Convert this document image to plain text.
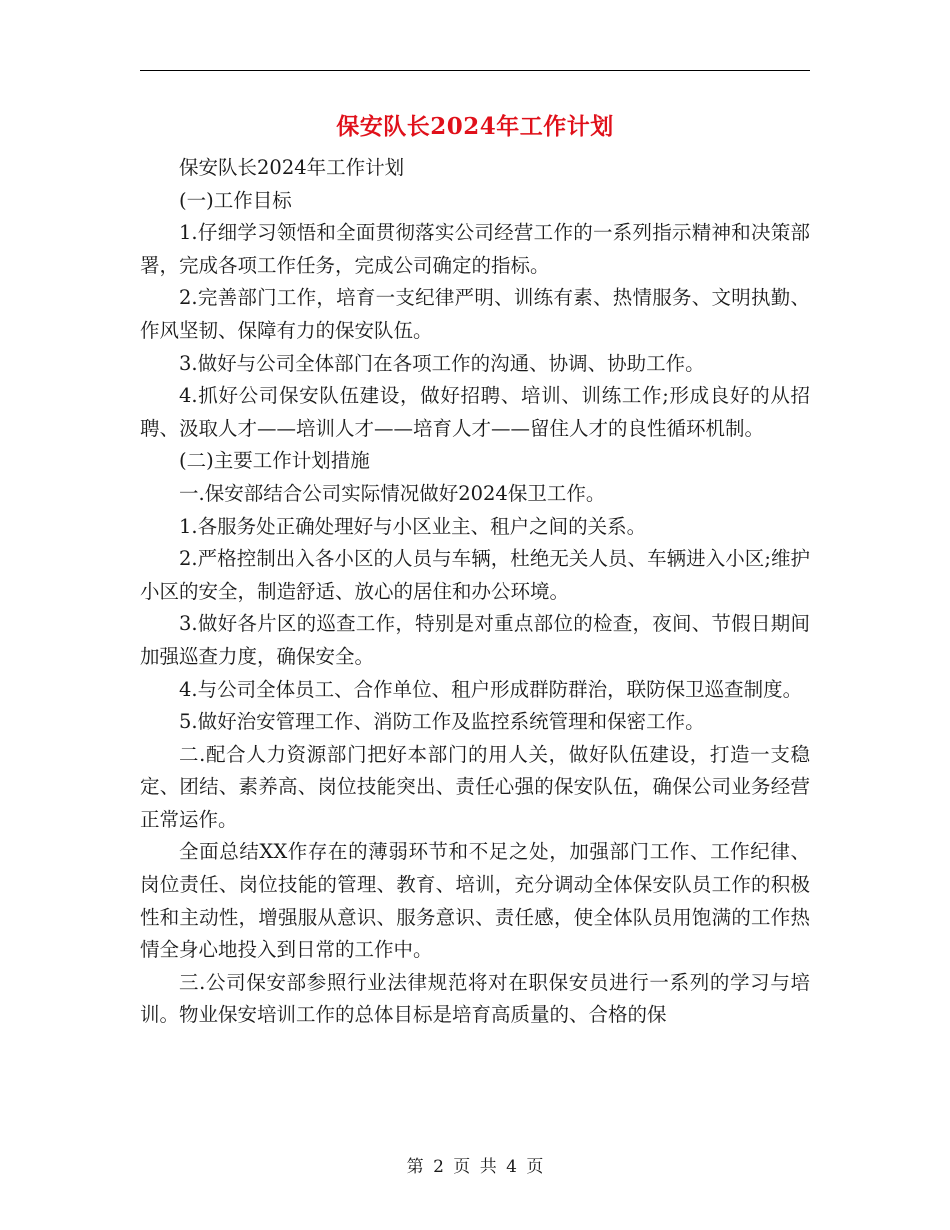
保安队长2024年工作计划

保安队长2024年工作计划

(一)工作目标

1.仔细学习领悟和全面贯彻落实公司经营工作的一系列指示精神和决策部署，完成各项工作任务，完成公司确定的指标。

2.完善部门工作，培育一支纪律严明、训练有素、热情服务、文明执勤、作风坚韧、保障有力的保安队伍。

3.做好与公司全体部门在各项工作的沟通、协调、协助工作。

4.抓好公司保安队伍建设，做好招聘、培训、训练工作;形成良好的从招聘、汲取人才——培训人才——培育人才——留住人才的良性循环机制。

(二)主要工作计划措施

一.保安部结合公司实际情况做好2024保卫工作。

1.各服务处正确处理好与小区业主、租户之间的关系。

2.严格控制出入各小区的人员与车辆，杜绝无关人员、车辆进入小区;维护小区的安全，制造舒适、放心的居住和办公环境。

3.做好各片区的巡查工作，特别是对重点部位的检查，夜间、节假日期间加强巡查力度，确保安全。

4.与公司全体员工、合作单位、租户形成群防群治，联防保卫巡查制度。

5.做好治安管理工作、消防工作及监控系统管理和保密工作。

二.配合人力资源部门把好本部门的用人关，做好队伍建设，打造一支稳定、团结、素养高、岗位技能突出、责任心强的保安队伍，确保公司业务经营正常运作。

全面总结XX作存在的薄弱环节和不足之处，加强部门工作、工作纪律、岗位责任、岗位技能的管理、教育、培训，充分调动全体保安队员工作的积极性和主动性，增强服从意识、服务意识、责任感，使全体队员用饱满的工作热情全身心地投入到日常的工作中。

三.公司保安部参照行业法律规范将对在职保安员进行一系列的学习与培训。物业保安培训工作的总体目标是培育高质量的、合格的保

第 2 页 共 4 页
